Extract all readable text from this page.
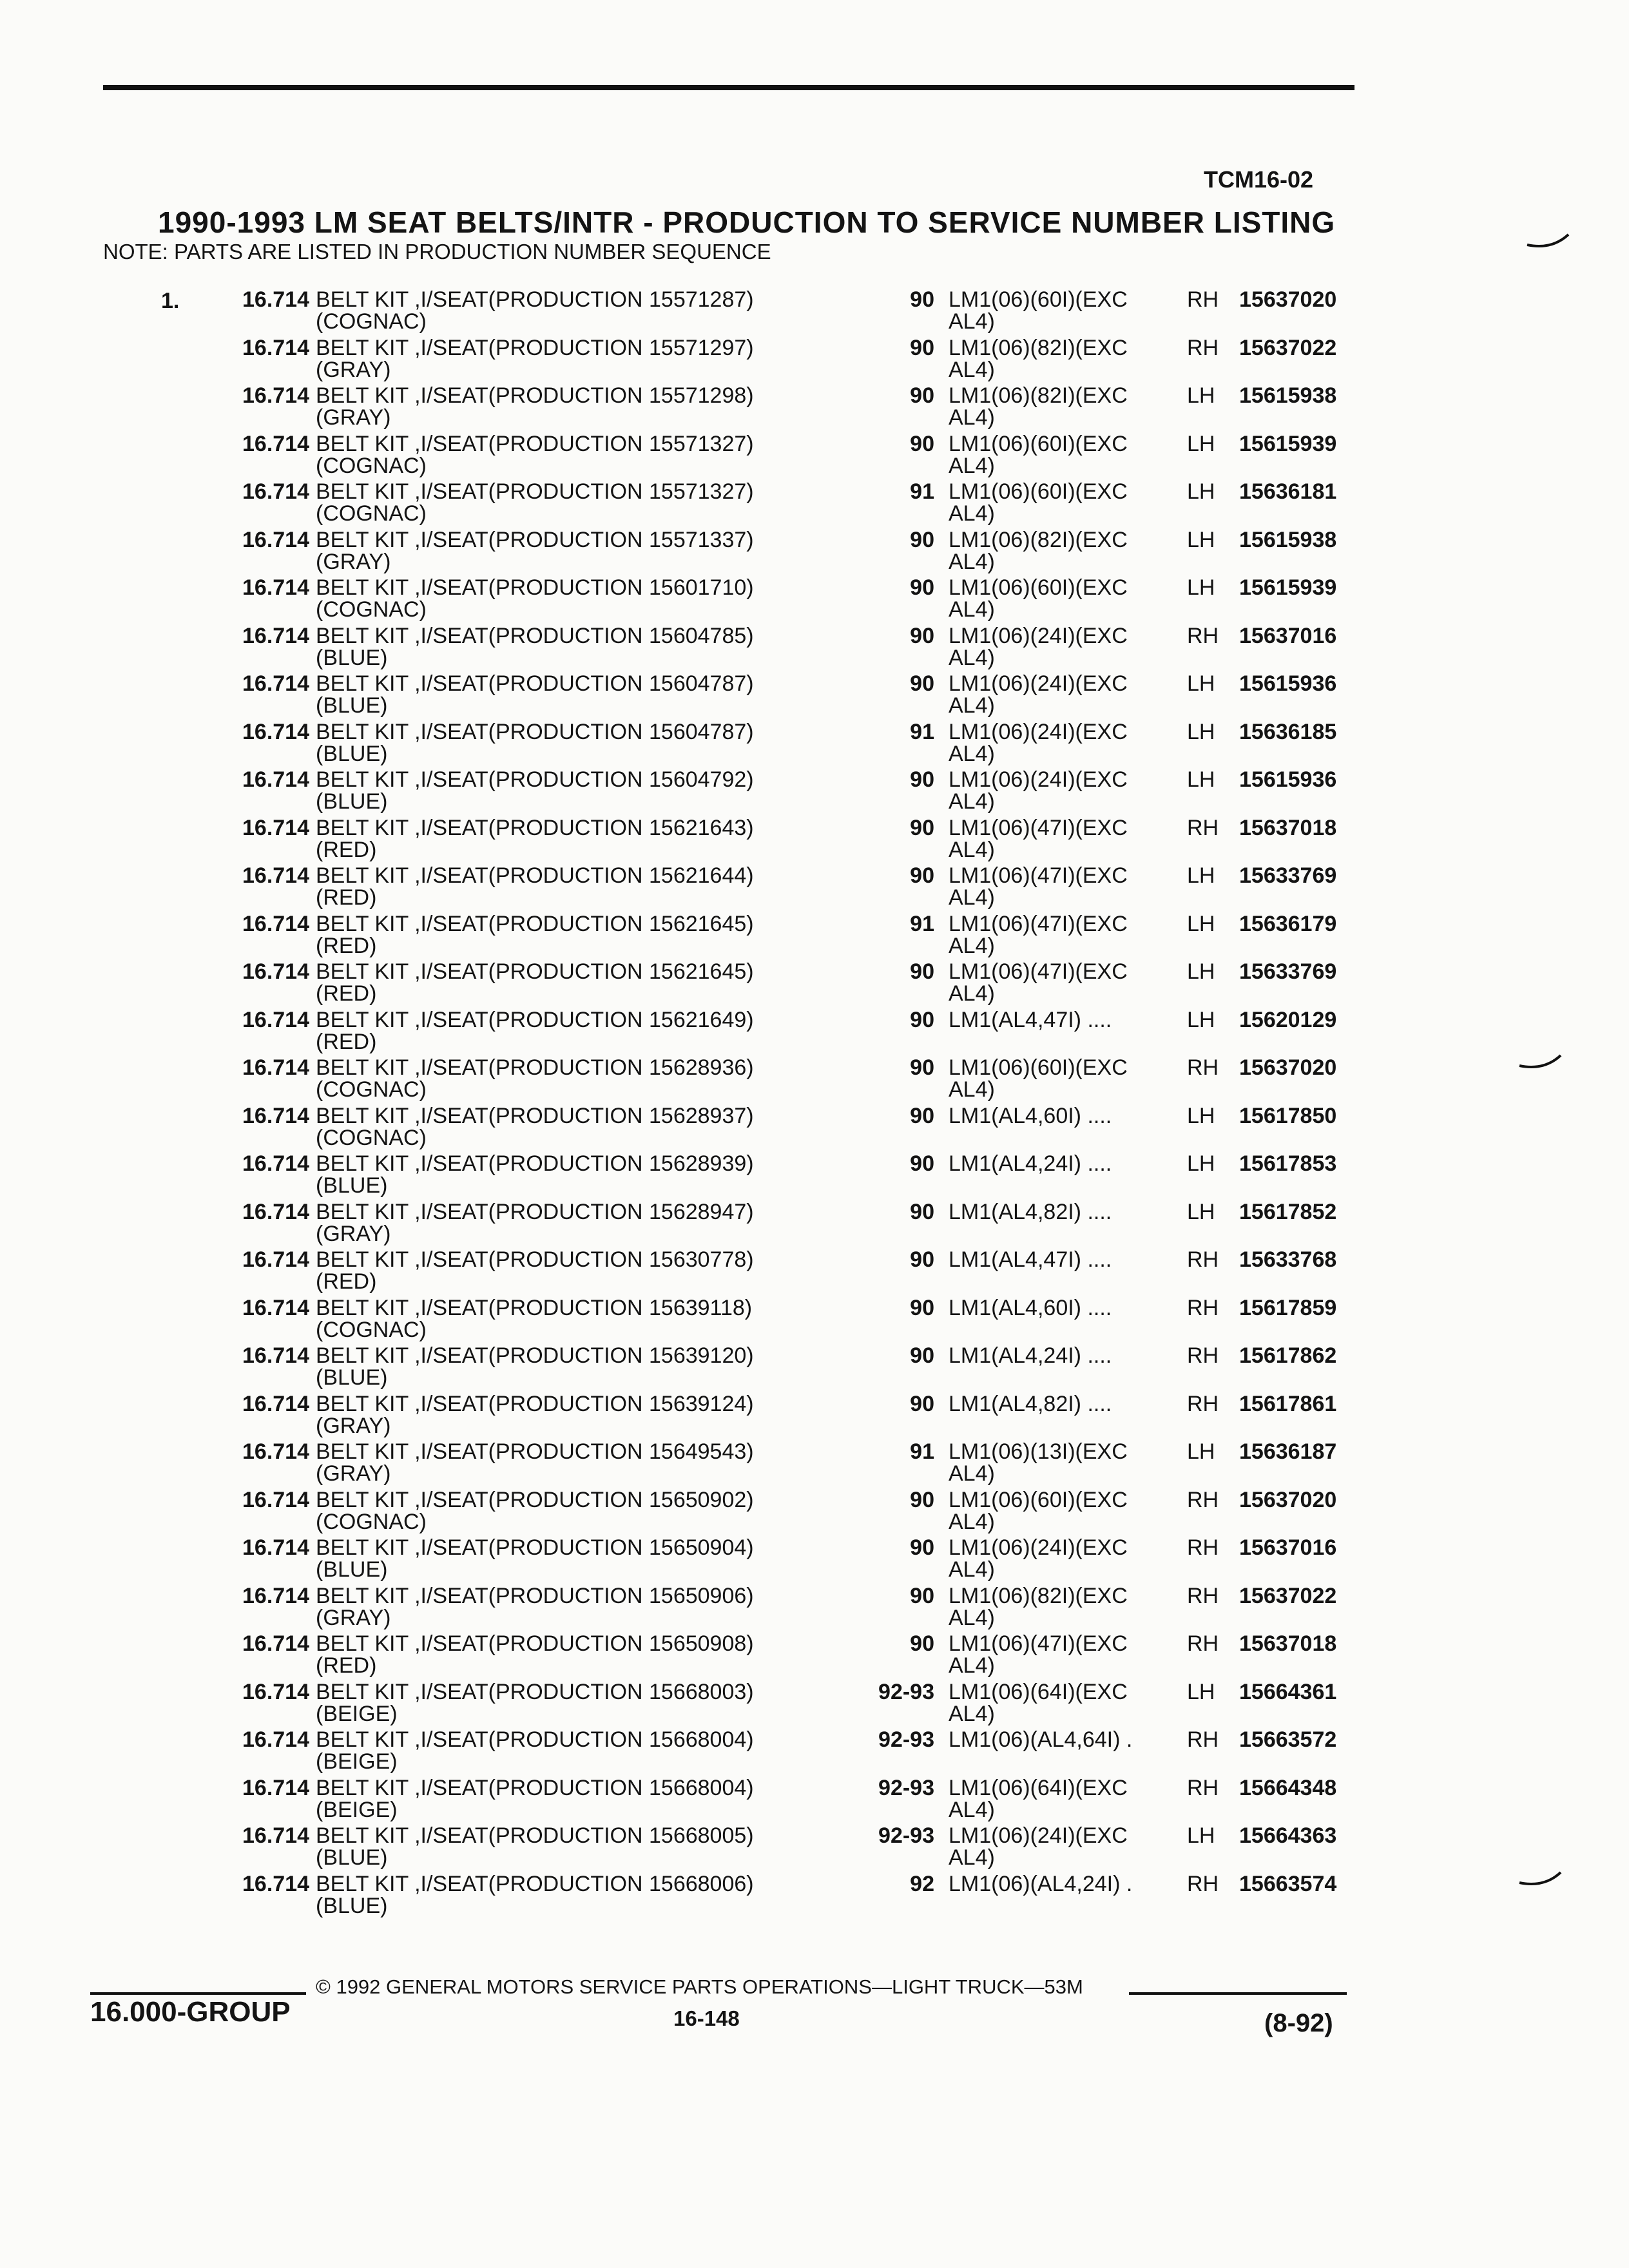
TCM16-02
1990-1993 LM SEAT BELTS/INTR - PRODUCTION TO SERVICE NUMBER LISTING
NOTE: PARTS ARE LISTED IN PRODUCTION NUMBER SEQUENCE
1.	16.714 BELT KIT ,I/SEAT(PRODUCTION 15571287)
(COGNAC)
90 LM1(06)(60I)(EXC
AL4)
RH 15637020
16.714 BELT KIT ,I/SEAT(PRODUCTION 15571297)
(GRAY)
90 LM1(06)(82I)(EXC
AL4)
RH 15637022
16.714 BELT KIT ,I/SEAT(PRODUCTION 15571298)
(GRAY)
90 LM1(06)(82I)(EXC
AL4)
LH 15615938
16.714 BELT KIT ,I/SEAT(PRODUCTION 15571327)
(COGNAC)
90 LM1(06)(60I)(EXC
AL4)
LH 15615939
16.714 BELT KIT ,I/SEAT(PRODUCTION 15571327)
(COGNAC)
91 LM1(06)(60I)(EXC
AL4)
LH 15636181
16.714 BELT KIT ,I/SEAT(PRODUCTION 15571337)
(GRAY)
90 LM1(06)(82I)(EXC
AL4)
LH 15615938
16.714 BELT KIT ,I/SEAT(PRODUCTION 15601710)
(COGNAC)
90 LM1(06)(60I)(EXC
AL4)
LH 15615939
16.714 BELT KIT ,I/SEAT(PRODUCTION 15604785)
(BLUE)
90 LM1(06)(24I)(EXC
AL4)
RH 15637016
16.714 BELT KIT ,I/SEAT(PRODUCTION 15604787)
(BLUE)
90 LM1(06)(24I)(EXC
AL4)
LH 15615936
16.714 BELT KIT ,I/SEAT(PRODUCTION 15604787)
(BLUE)
91 LM1(06)(24I)(EXC
AL4)
LH 15636185
16.714 BELT KIT ,I/SEAT(PRODUCTION 15604792)
(BLUE)
90 LM1(06)(24I)(EXC
AL4)
LH 15615936
16.714 BELT KIT ,I/SEAT(PRODUCTION 15621643)
(RED)
90 LM1(06)(47I)(EXC
AL4)
RH 15637018
16.714 BELT KIT ,I/SEAT(PRODUCTION 15621644)
(RED)
90 LM1(06)(47I)(EXC
AL4)
LH 15633769
16.714 BELT KIT ,I/SEAT(PRODUCTION 15621645)
(RED)
91 LM1(06)(47I)(EXC
AL4)
LH 15636179
16.714 BELT KIT ,I/SEAT(PRODUCTION 15621645)
(RED)
90 LM1(06)(47I)(EXC
AL4)
LH 15633769
16.714 BELT KIT ,I/SEAT(PRODUCTION 15621649)
(RED)
90 LM1(AL4,47I) ....	LH 15620129
16.714 BELT KIT ,I/SEAT(PRODUCTION 15628936)
(COGNAC)
90 LM1(06)(60I)(EXC
AL4)
RH 15637020
16.714 BELT KIT ,I/SEAT(PRODUCTION 15628937)
(COGNAC)
90 LM1(AL4,60I) ....	LH 15617850
16.714 BELT KIT ,I/SEAT(PRODUCTION 15628939)
(BLUE)
90 LM1(AL4,24I) ....	LH 15617853
16.714 BELT KIT ,I/SEAT(PRODUCTION 15628947)
(GRAY)
90 LM1(AL4,82I) ....	LH 15617852
16.714 BELT KIT ,I/SEAT(PRODUCTION 15630778)
(RED)
90 LM1(AL4,47I) ....	RH 15633768
16.714 BELT KIT ,I/SEAT(PRODUCTION 15639118)
(COGNAC)
90 LM1(AL4,60I) ....	RH 15617859
16.714 BELT KIT ,I/SEAT(PRODUCTION 15639120)
(BLUE)
90 LM1(AL4,24I) ....	RH 15617862
16.714 BELT KIT ,I/SEAT(PRODUCTION 15639124)
(GRAY)
90 LM1(AL4,82I) ....	RH 15617861
16.714 BELT KIT ,I/SEAT(PRODUCTION 15649543)
(GRAY)
91 LM1(06)(13I)(EXC
AL4)
LH 15636187
16.714 BELT KIT ,I/SEAT(PRODUCTION 15650902)
(COGNAC)
90 LM1(06)(60I)(EXC
AL4)
RH 15637020
16.714 BELT KIT ,I/SEAT(PRODUCTION 15650904)
(BLUE)
90 LM1(06)(24I)(EXC
AL4)
RH 15637016
16.714 BELT KIT ,I/SEAT(PRODUCTION 15650906)
(GRAY)
90 LM1(06)(82I)(EXC
AL4)
RH 15637022
16.714 BELT KIT ,I/SEAT(PRODUCTION 15650908)
(RED)
90 LM1(06)(47I)(EXC
AL4)
RH 15637018
16.714 BELT KIT ,I/SEAT(PRODUCTION 15668003)
(BEIGE)
92-93 LM1(06)(64I)(EXC
AL4)
LH 15664361
16.714 BELT KIT ,I/SEAT(PRODUCTION 15668004)
(BEIGE)
92-93 LM1(06)(AL4,64I) . RH 15663572
16.714 BELT KIT ,I/SEAT(PRODUCTION 15668004)
(BEIGE)
92-93 LM1(06)(64I)(EXC
AL4)
RH 15664348
16.714 BELT KIT ,I/SEAT(PRODUCTION 15668005)
(BLUE)
92-93 LM1(06)(24I)(EXC
AL4)
LH 15664363
16.714 BELT KIT ,I/SEAT(PRODUCTION 15668006)
(BLUE)
92 LM1(06)(AL4,24I) . RH 15663574
16.000-GROUP
© 1992 GENERAL MOTORS SERVICE PARTS OPERATIONS—LIGHT TRUCK—53M
16-148	(8-92)
